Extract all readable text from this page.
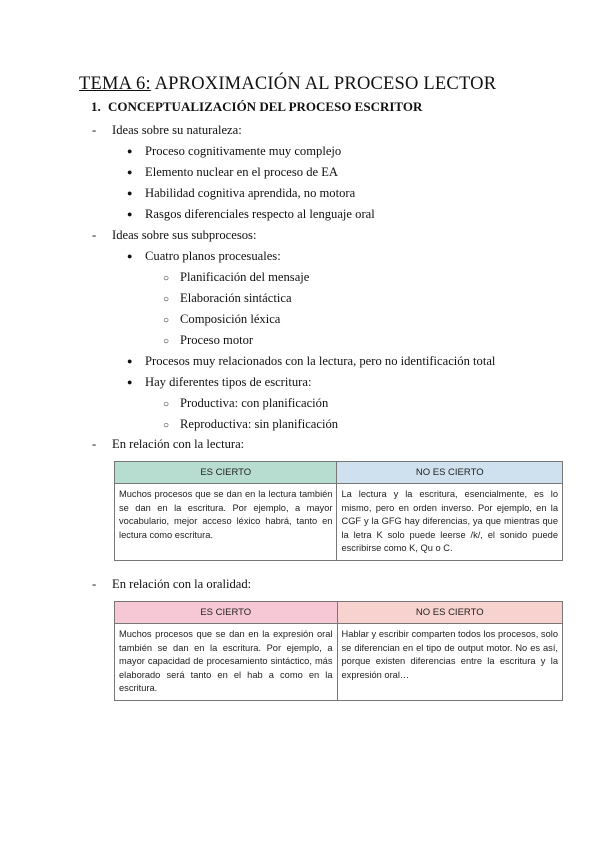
TEMA 6: APROXIMACIÓN AL PROCESO LECTOR
1. CONCEPTUALIZACIÓN DEL PROCESO ESCRITOR
- Ideas sobre su naturaleza:
● Proceso cognitivamente muy complejo
● Elemento nuclear en el proceso de EA
● Habilidad cognitiva aprendida, no motora
● Rasgos diferenciales respecto al lenguaje oral
- Ideas sobre sus subprocesos:
● Cuatro planos procesuales:
○ Planificación del mensaje
○ Elaboración sintáctica
○ Composición léxica
○ Proceso motor
● Procesos muy relacionados con la lectura, pero no identificación total
● Hay diferentes tipos de escritura:
○ Productiva: con planificación
○ Reproductiva: sin planificación
- En relación con la lectura:
ES CIERTO	NO ES CIERTO
Muchos procesos que se dan en la lectura también se dan en la escritura. Por ejemplo, a mayor vocabulario, mejor acceso léxico habrá, tanto en lectura como escritura.	La lectura y la escritura, esencialmente, es lo mismo, pero en orden inverso. Por ejemplo, en la CGF y la GFG hay diferencias, ya que mientras que la letra K solo puede leerse /k/, el sonido puede escribirse como K, Qu o C.
- En relación con la oralidad:
ES CIERTO	NO ES CIERTO
Muchos procesos que se dan en la expresión oral también se dan en la escritura. Por ejemplo, a mayor capacidad de procesamiento sintáctico, más elaborado será tanto en el hab a como en la escritura.	Hablar y escribir comparten todos los procesos, solo se diferencian en el tipo de output motor. No es así, porque existen diferencias entre la escritura y la expresión oral…
